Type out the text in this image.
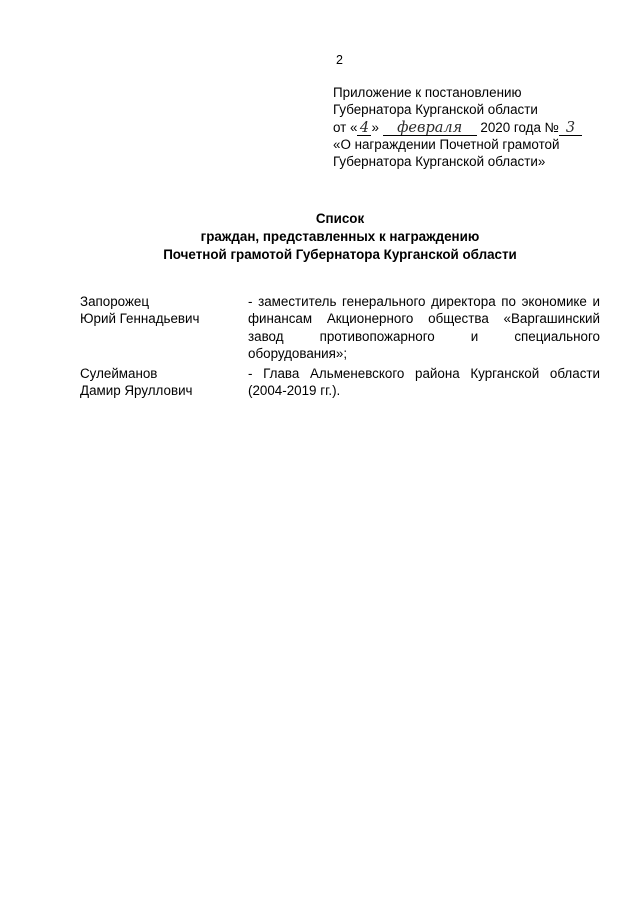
2
Приложение к постановлению
Губернатора Курганской области
от « 4 » февраля 2020 года № 3
«О награждении Почетной грамотой
Губернатора Курганской области»
Список
граждан, представленных к награждению
Почетной грамотой Губернатора Курганской области
Запорожец
Юрий Геннадьевич
- заместитель генерального директора по экономике и финансам Акционерного общества «Варгашинский завод противопожарного и специального оборудования»;
Сулейманов
Дамир Яруллович
- Глава Альменевского района Курганской области (2004-2019 гг.).
